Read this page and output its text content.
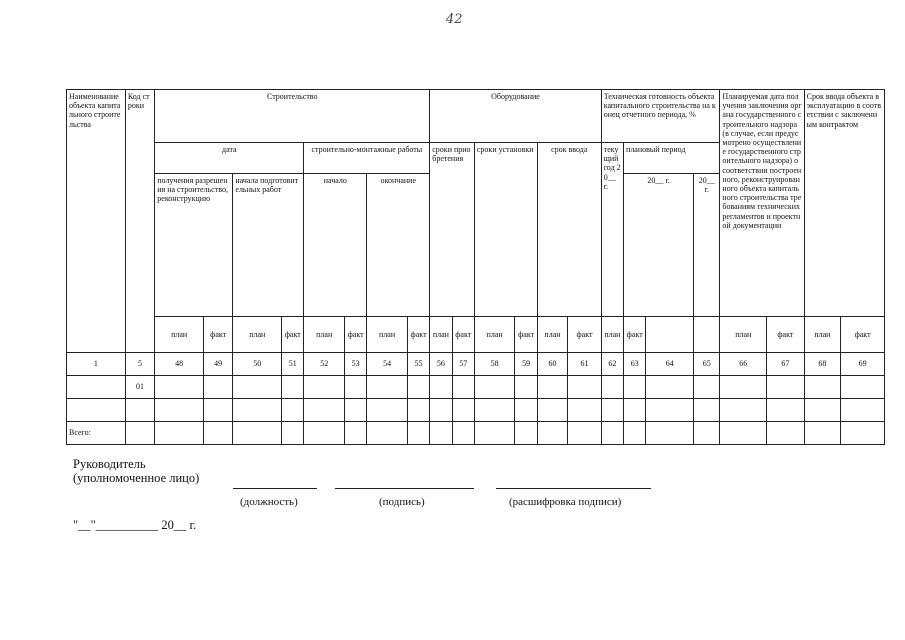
42
Наименование объекта капитального строительства	Код строки	Строительство								Оборудование						Техническая готовность объекта капитального строительства на конец отчетного периода, %				Планируемая дата получения заключения органа государственного строительного надзора (в случае, если предусмотрено осуществление государственного строительного надзора) о соответствии построенного, реконструированного объекта капитального строительства требованиям технических регламентов и проектной документации		Срок ввода объекта в эксплуатацию в соответствии с заключенным контрактом	
		дата				строительно-монтажные работы				сроки приобретения		сроки установки		срок ввода		текущий год 20__ г.	плановый период						
		получения разрешения на строительство, реконструкцию		начала подготовительных работ		начало		окончание									20__ г.		20__ г.				
		план	факт	план	факт	план	факт	план	факт	план	факт	план	факт	план	факт	план	факт			план	факт	план	факт
1	5	48	49	50	51	52	53	54	55	56	57	58	59	60	61	62	63	64	65	66	67	68	69
	01																						

Всего:																							
Руководитель
(уполномоченное лицо)
(должность)	(подпись)	(расшифровка подписи)
"__"__________ 20__ г.
